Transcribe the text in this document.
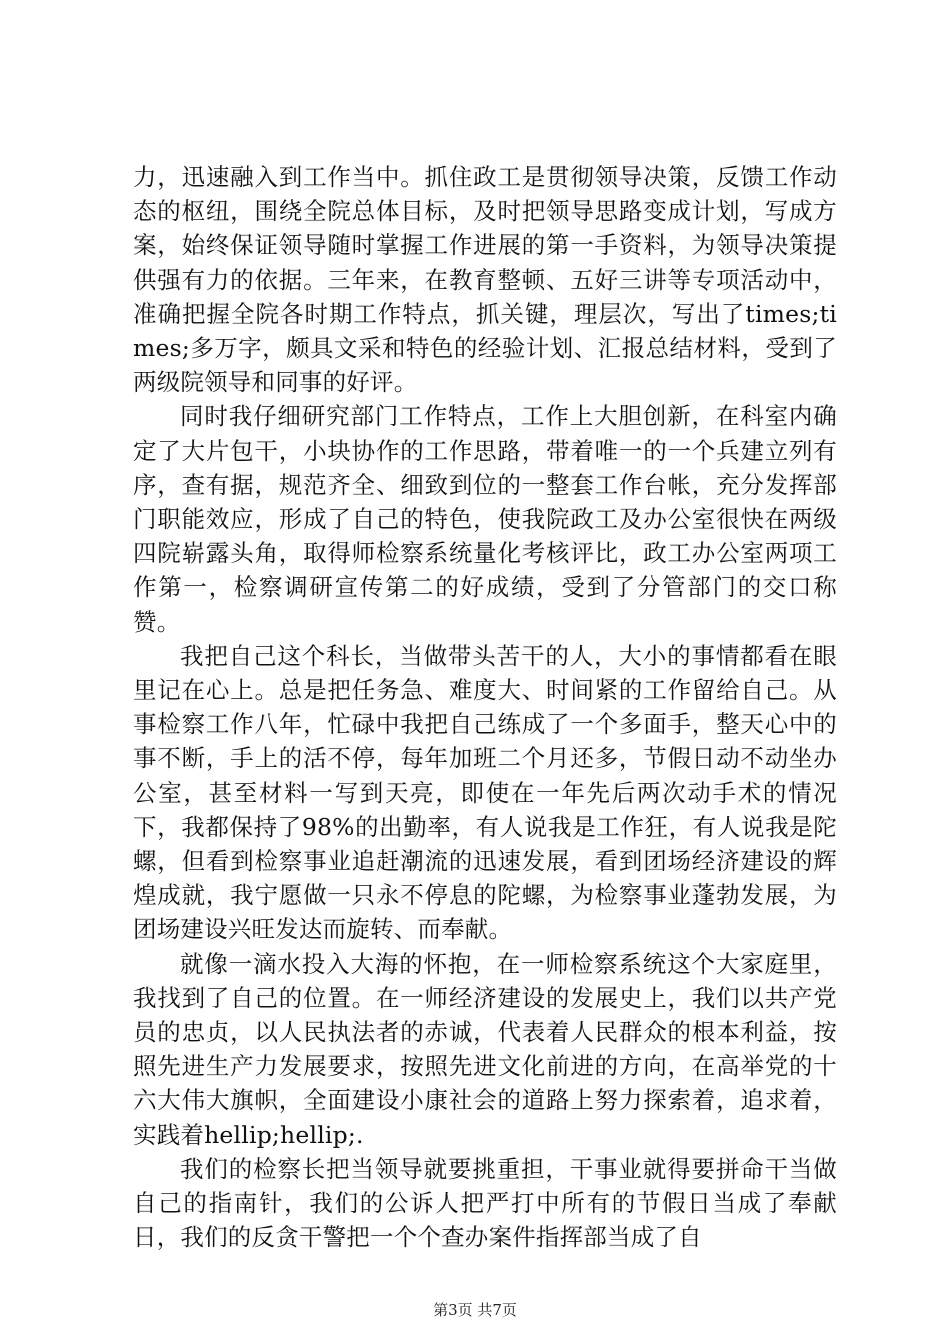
力，迅速融入到工作当中。抓住政工是贯彻领导决策，反馈工作动态的枢纽，围绕全院总体目标，及时把领导思路变成计划，写成方案，始终保证领导随时掌握工作进展的第一手资料，为领导决策提供强有力的依据。三年来，在教育整顿、五好三讲等专项活动中，准确把握全院各时期工作特点，抓关键，理层次，写出了times;times;多万字，颇具文采和特色的经验计划、汇报总结材料，受到了两级院领导和同事的好评。

同时我仔细研究部门工作特点，工作上大胆创新，在科室内确定了大片包干，小块协作的工作思路，带着唯一的一个兵建立列有序，查有据，规范齐全、细致到位的一整套工作台帐，充分发挥部门职能效应，形成了自己的特色，使我院政工及办公室很快在两级四院崭露头角，取得师检察系统量化考核评比，政工办公室两项工作第一，检察调研宣传第二的好成绩，受到了分管部门的交口称赞。

我把自己这个科长，当做带头苦干的人，大小的事情都看在眼里记在心上。总是把任务急、难度大、时间紧的工作留给自己。从事检察工作八年，忙碌中我把自己练成了一个多面手，整天心中的事不断，手上的活不停，每年加班二个月还多，节假日动不动坐办公室，甚至材料一写到天亮，即使在一年先后两次动手术的情况下，我都保持了98%的出勤率，有人说我是工作狂，有人说我是陀螺，但看到检察事业追赶潮流的迅速发展，看到团场经济建设的辉煌成就，我宁愿做一只永不停息的陀螺，为检察事业蓬勃发展，为团场建设兴旺发达而旋转、而奉献。

就像一滴水投入大海的怀抱，在一师检察系统这个大家庭里，我找到了自己的位置。在一师经济建设的发展史上，我们以共产党员的忠贞，以人民执法者的赤诚，代表着人民群众的根本利益，按照先进生产力发展要求，按照先进文化前进的方向，在高举党的十六大伟大旗帜，全面建设小康社会的道路上努力探索着，追求着，实践着hellip;hellip;.

我们的检察长把当领导就要挑重担，干事业就得要拼命干当做自己的指南针，我们的公诉人把严打中所有的节假日当成了奉献日，我们的反贪干警把一个个查办案件指挥部当成了自

第3页 共7页
